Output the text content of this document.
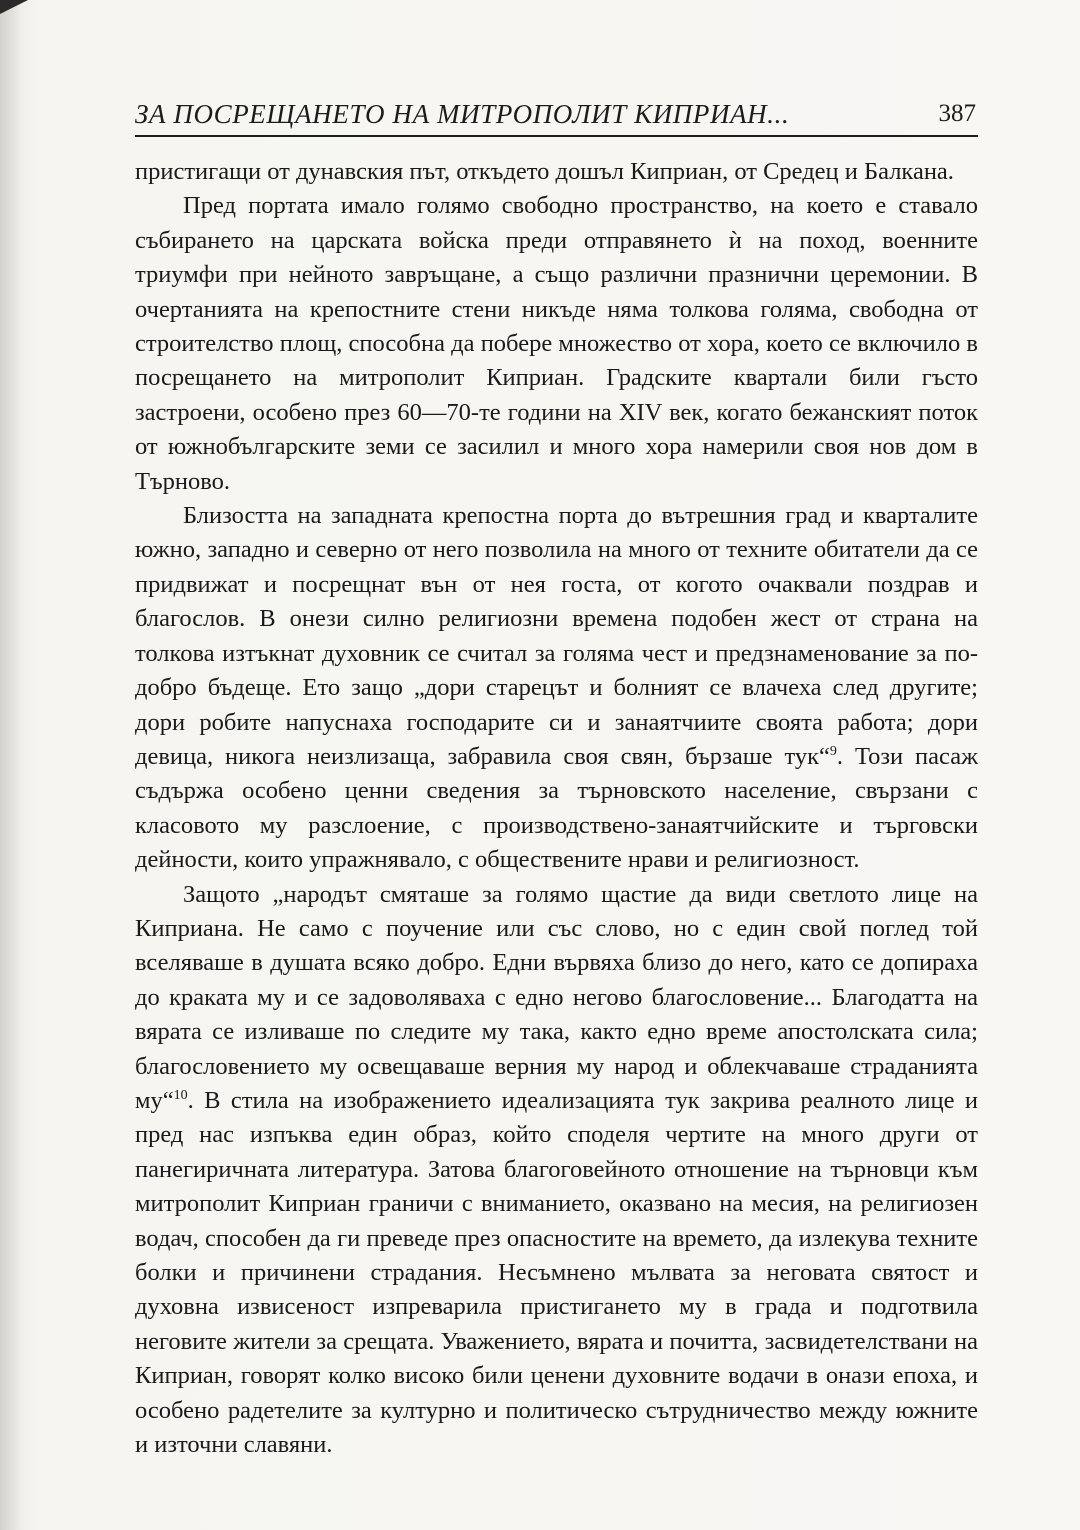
ЗА ПОСРЕЩАНЕТО НА МИТРОПОЛИТ КИПРИАН...	387

пристигащи от дунавския път, откъдето дошъл Киприан, от Средец и Балкана.

Пред портата имало голямо свободно пространство, на което е ставало събирането на царската войска преди отправянето ѝ на поход, военните триумфи при нейното завръщане, а също различни празнични церемонии. В очертанията на крепостните стени никъде няма толкова голяма, свободна от строителство площ, способна да побере множество от хора, което се включило в посрещането на митрополит Киприан. Градските квартали били гъсто застроени, особено през 60—70-те години на XIV век, когато бежанският поток от южнобългарските земи се засилил и много хора намерили своя нов дом в Търново.

Близостта на западната крепостна порта до вътрешния град и кварталите южно, западно и северно от него позволила на много от техните обитатели да се придвижат и посрещнат вън от нея госта, от когото очаквали поздрав и благослов. В онези силно религиозни времена подобен жест от страна на толкова изтъкнат духовник се считал за голяма чест и предзнаменование за по-добро бъдеще. Ето защо „дори старецът и болният се влачеха след другите; дори робите напуснаха господарите си и занаятчиите своята работа; дори девица, никога неизлизаща, забравила своя свян, бързаше тук“$^9$. Този пасаж съдържа особено ценни сведения за търновското население, свързани с класовото му разслоение, с производствено-занаятчийските и търговски дейности, които упражнявало, с обществените нрави и религиозност.

Защото „народът смяташе за голямо щастие да види светлото лице на Киприана. Не само с поучение или със слово, но с един свой поглед той вселяваше в душата всяко добро. Едни вървяха близо до него, като се допираха до краката му и се задоволяваха с едно негово благословение... Благодатта на вярата се изливаше по следите му така, както едно време апостолската сила; благословението му освещаваше верния му народ и облекчаваше страданията му“$^{10}$. В стила на изображението идеализацията тук закрива реалното лице и пред нас изпъква един образ, който споделя чертите на много други от панегиричната литература. Затова благоговейното отношение на търновци към митрополит Киприан граничи с вниманието, оказвано на месия, на религиозен водач, способен да ги преведе през опасностите на времето, да излекува техните болки и причинени страдания. Несъмнено мълвата за неговата святост и духовна извисеност изпреварила пристигането му в града и подготвила неговите жители за срещата. Уважението, вярата и почитта, засвидетелствани на Киприан, говорят колко високо били ценени духовните водачи в онази епоха, и особено радетелите за културно и политическо сътрудничество между южните и източни славяни.
